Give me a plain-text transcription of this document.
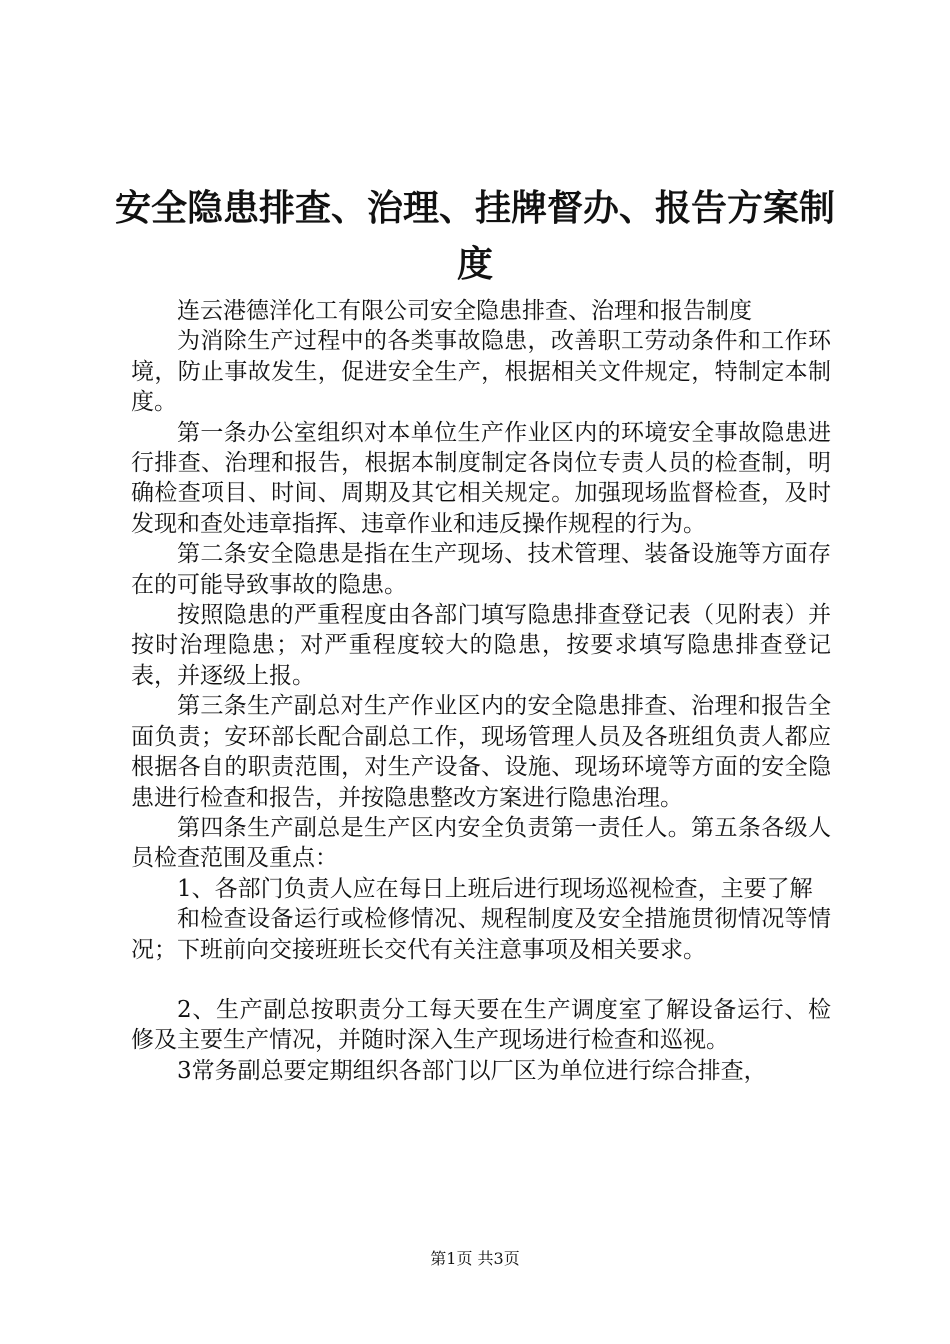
安全隐患排查、治理、挂牌督办、报告方案制度

连云港德洋化工有限公司安全隐患排查、治理和报告制度

为消除生产过程中的各类事故隐患，改善职工劳动条件和工作环境，防止事故发生，促进安全生产，根据相关文件规定，特制定本制度。

第一条办公室组织对本单位生产作业区内的环境安全事故隐患进行排查、治理和报告，根据本制度制定各岗位专责人员的检查制，明确检查项目、时间、周期及其它相关规定。加强现场监督检查，及时发现和查处违章指挥、违章作业和违反操作规程的行为。

第二条安全隐患是指在生产现场、技术管理、装备设施等方面存在的可能导致事故的隐患。

按照隐患的严重程度由各部门填写隐患排查登记表（见附表）并按时治理隐患；对严重程度较大的隐患，按要求填写隐患排查登记表，并逐级上报。

第三条生产副总对生产作业区内的安全隐患排查、治理和报告全面负责；安环部长配合副总工作，现场管理人员及各班组负责人都应根据各自的职责范围，对生产设备、设施、现场环境等方面的安全隐患进行检查和报告，并按隐患整改方案进行隐患治理。

第四条生产副总是生产区内安全负责第一责任人。第五条各级人员检查范围及重点：

1、各部门负责人应在每日上班后进行现场巡视检查，主要了解

和检查设备运行或检修情况、规程制度及安全措施贯彻情况等情况；下班前向交接班班长交代有关注意事项及相关要求。

2、生产副总按职责分工每天要在生产调度室了解设备运行、检修及主要生产情况，并随时深入生产现场进行检查和巡视。

3常务副总要定期组织各部门以厂区为单位进行综合排查，

第1页 共3页
